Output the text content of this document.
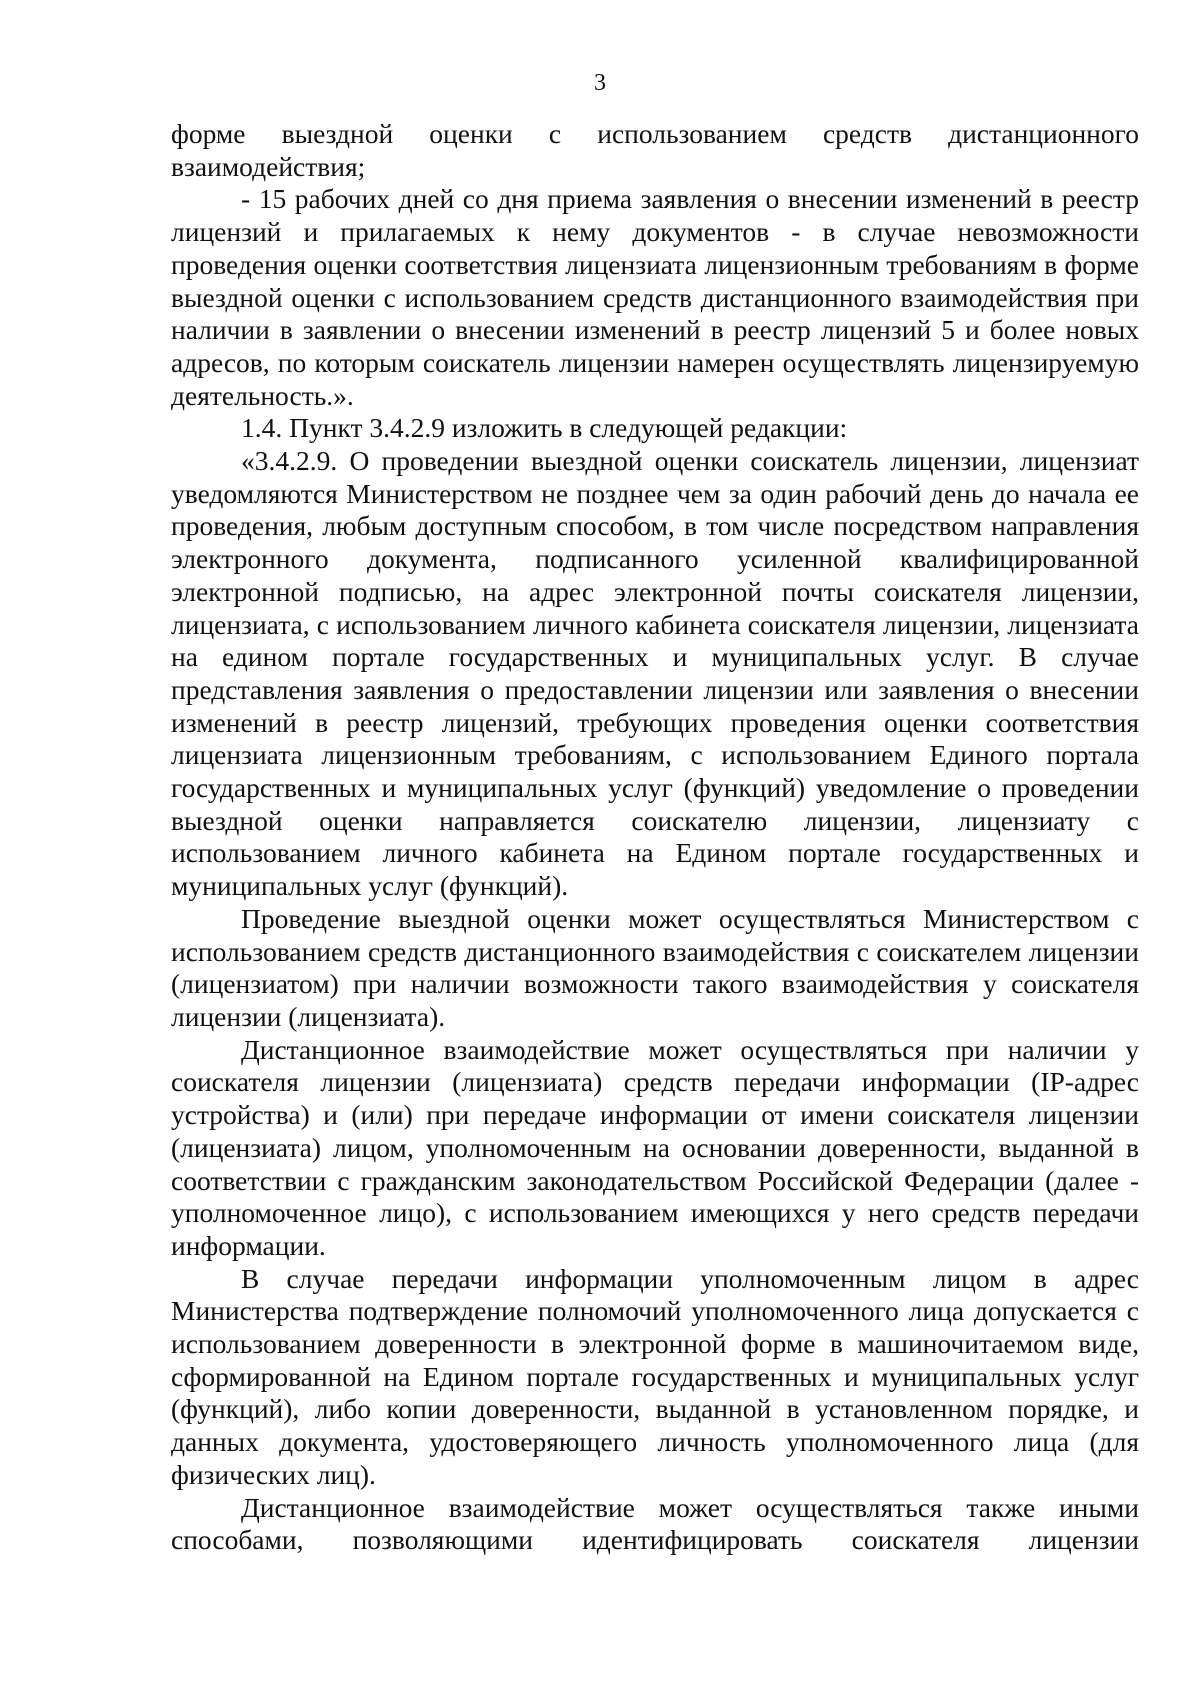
3

форме выездной оценки с использованием средств дистанционного взаимодействия;

- 15 рабочих дней со дня приема заявления о внесении изменений в реестр лицензий и прилагаемых к нему документов - в случае невозможности проведения оценки соответствия лицензиата лицензионным требованиям в форме выездной оценки с использованием средств дистанционного взаимодействия при наличии в заявлении о внесении изменений в реестр лицензий 5 и более новых адресов, по которым соискатель лицензии намерен осуществлять лицензируемую деятельность.».

1.4. Пункт 3.4.2.9 изложить в следующей редакции:

«3.4.2.9. О проведении выездной оценки соискатель лицензии, лицензиат уведомляются Министерством не позднее чем за один рабочий день до начала ее проведения, любым доступным способом, в том числе посредством направления электронного документа, подписанного усиленной квалифицированной электронной подписью, на адрес электронной почты соискателя лицензии, лицензиата, с использованием личного кабинета соискателя лицензии, лицензиата на едином портале государственных и муниципальных услуг. В случае представления заявления о предоставлении лицензии или заявления о внесении изменений в реестр лицензий, требующих проведения оценки соответствия лицензиата лицензионным требованиям, с использованием Единого портала государственных и муниципальных услуг (функций) уведомление о проведении выездной оценки направляется соискателю лицензии, лицензиату с использованием личного кабинета на Едином портале государственных и муниципальных услуг (функций).

Проведение выездной оценки может осуществляться Министерством с использованием средств дистанционного взаимодействия с соискателем лицензии (лицензиатом) при наличии возможности такого взаимодействия у соискателя лицензии (лицензиата).

Дистанционное взаимодействие может осуществляться при наличии у соискателя лицензии (лицензиата) средств передачи информации (IP-адрес устройства) и (или) при передаче информации от имени соискателя лицензии (лицензиата) лицом, уполномоченным на основании доверенности, выданной в соответствии с гражданским законодательством Российской Федерации (далее - уполномоченное лицо), с использованием имеющихся у него средств передачи информации.

В случае передачи информации уполномоченным лицом в адрес Министерства подтверждение полномочий уполномоченного лица допускается с использованием доверенности в электронной форме в машиночитаемом виде, сформированной на Едином портале государственных и муниципальных услуг (функций), либо копии доверенности, выданной в установленном порядке, и данных документа, удостоверяющего личность уполномоченного лица (для физических лиц).

Дистанционное взаимодействие может осуществляться также иными способами, позволяющими идентифицировать соискателя лицензии
